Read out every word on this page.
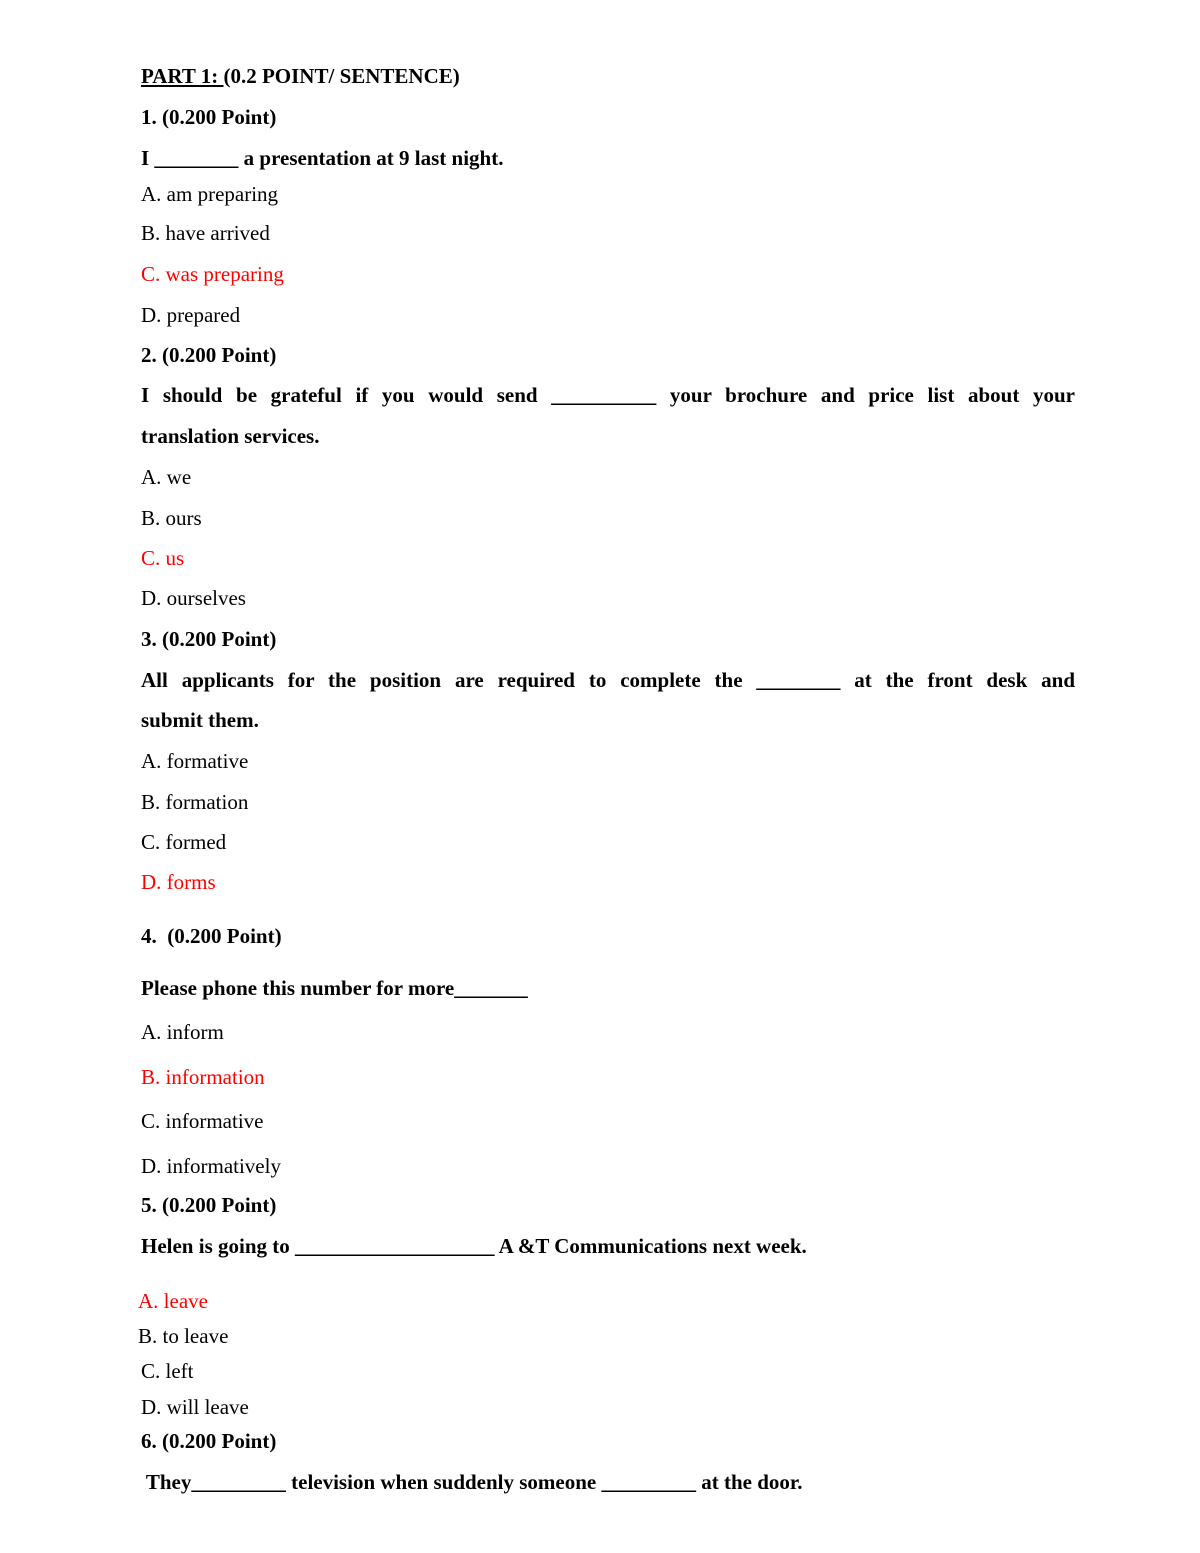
PART 1: (0.2 POINT/ SENTENCE)
1. (0.200 Point)
I ________ a presentation at 9 last night.
A. am preparing
B. have arrived
C. was preparing
D. prepared
2. (0.200 Point)
I should be grateful if you would send __________ your brochure and price list about your
translation services.
A. we
B. ours
C. us
D. ourselves
3. (0.200 Point)
All applicants for the position are required to complete the ________ at the front desk and
submit them.
A. formative
B. formation
C. formed
D. forms
4.  (0.200 Point)
Please phone this number for more_______
A. inform
B. information
C. informative
D. informatively
5. (0.200 Point)
Helen is going to ___________________ A &T Communications next week.
A. leave
B. to leave
C. left
D. will leave
6. (0.200 Point)
They_________ television when suddenly someone _________ at the door.
